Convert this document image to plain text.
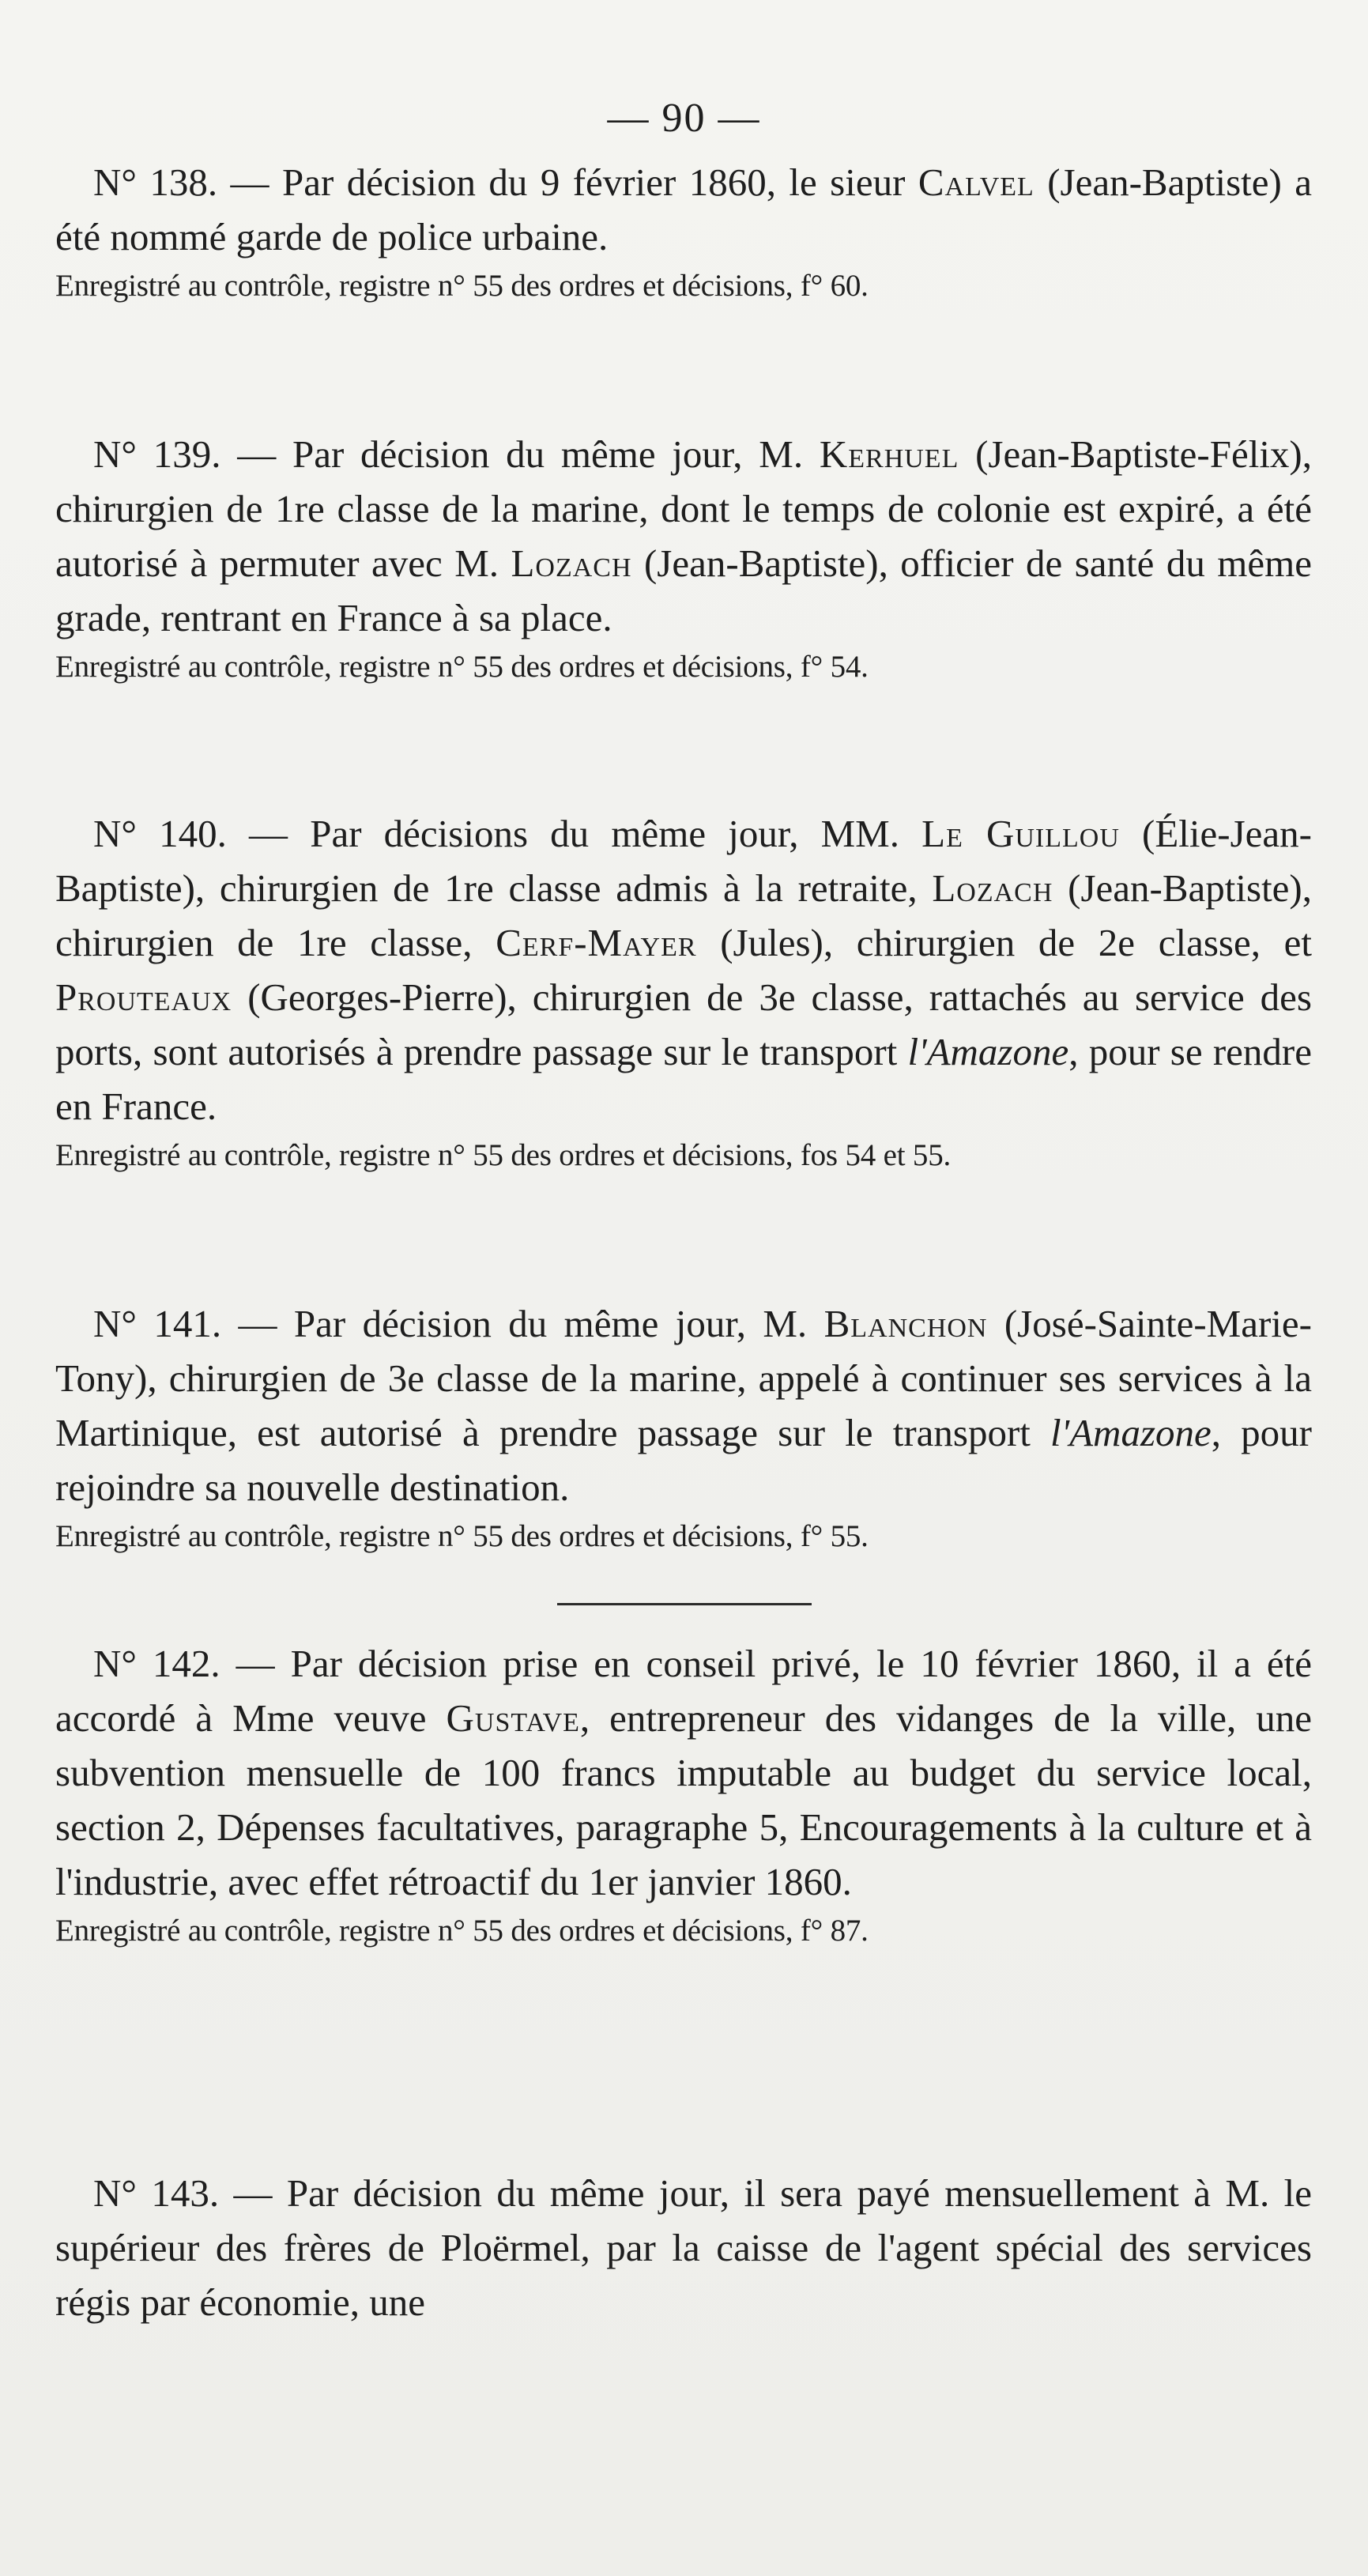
— 90 —

N° 138. — Par décision du 9 février 1860, le sieur Calvel (Jean-Baptiste) a été nommé garde de police urbaine.

Enregistré au contrôle, registre n° 55 des ordres et décisions, f° 60.

N° 139. — Par décision du même jour, M. Kerhuel (Jean-Baptiste-Félix), chirurgien de 1re classe de la marine, dont le temps de colonie est expiré, a été autorisé à permuter avec M. Lozach (Jean-Baptiste), officier de santé du même grade, rentrant en France à sa place.

Enregistré au contrôle, registre n° 55 des ordres et décisions, f° 54.

N° 140. — Par décisions du même jour, MM. Le Guillou (Élie-Jean-Baptiste), chirurgien de 1re classe admis à la retraite, Lozach (Jean-Baptiste), chirurgien de 1re classe, Cerf-Mayer (Jules), chirurgien de 2e classe, et Prouteaux (Georges-Pierre), chirurgien de 3e classe, rattachés au service des ports, sont autorisés à prendre passage sur le transport l'Amazone, pour se rendre en France.

Enregistré au contrôle, registre n° 55 des ordres et décisions, fos 54 et 55.

N° 141. — Par décision du même jour, M. Blanchon (José-Sainte-Marie-Tony), chirurgien de 3e classe de la marine, appelé à continuer ses services à la Martinique, est autorisé à prendre passage sur le transport l'Amazone, pour rejoindre sa nouvelle destination.

Enregistré au contrôle, registre n° 55 des ordres et décisions, f° 55.

N° 142. — Par décision prise en conseil privé, le 10 février 1860, il a été accordé à Mme veuve Gustave, entrepreneur des vidanges de la ville, une subvention mensuelle de 100 francs imputable au budget du service local, section 2, Dépenses facultatives, paragraphe 5, Encouragements à la culture et à l'industrie, avec effet rétroactif du 1er janvier 1860.

Enregistré au contrôle, registre n° 55 des ordres et décisions, f° 87.

N° 143. — Par décision du même jour, il sera payé mensuellement à M. le supérieur des frères de Ploërmel, par la caisse de l'agent spécial des services régis par économie, une
